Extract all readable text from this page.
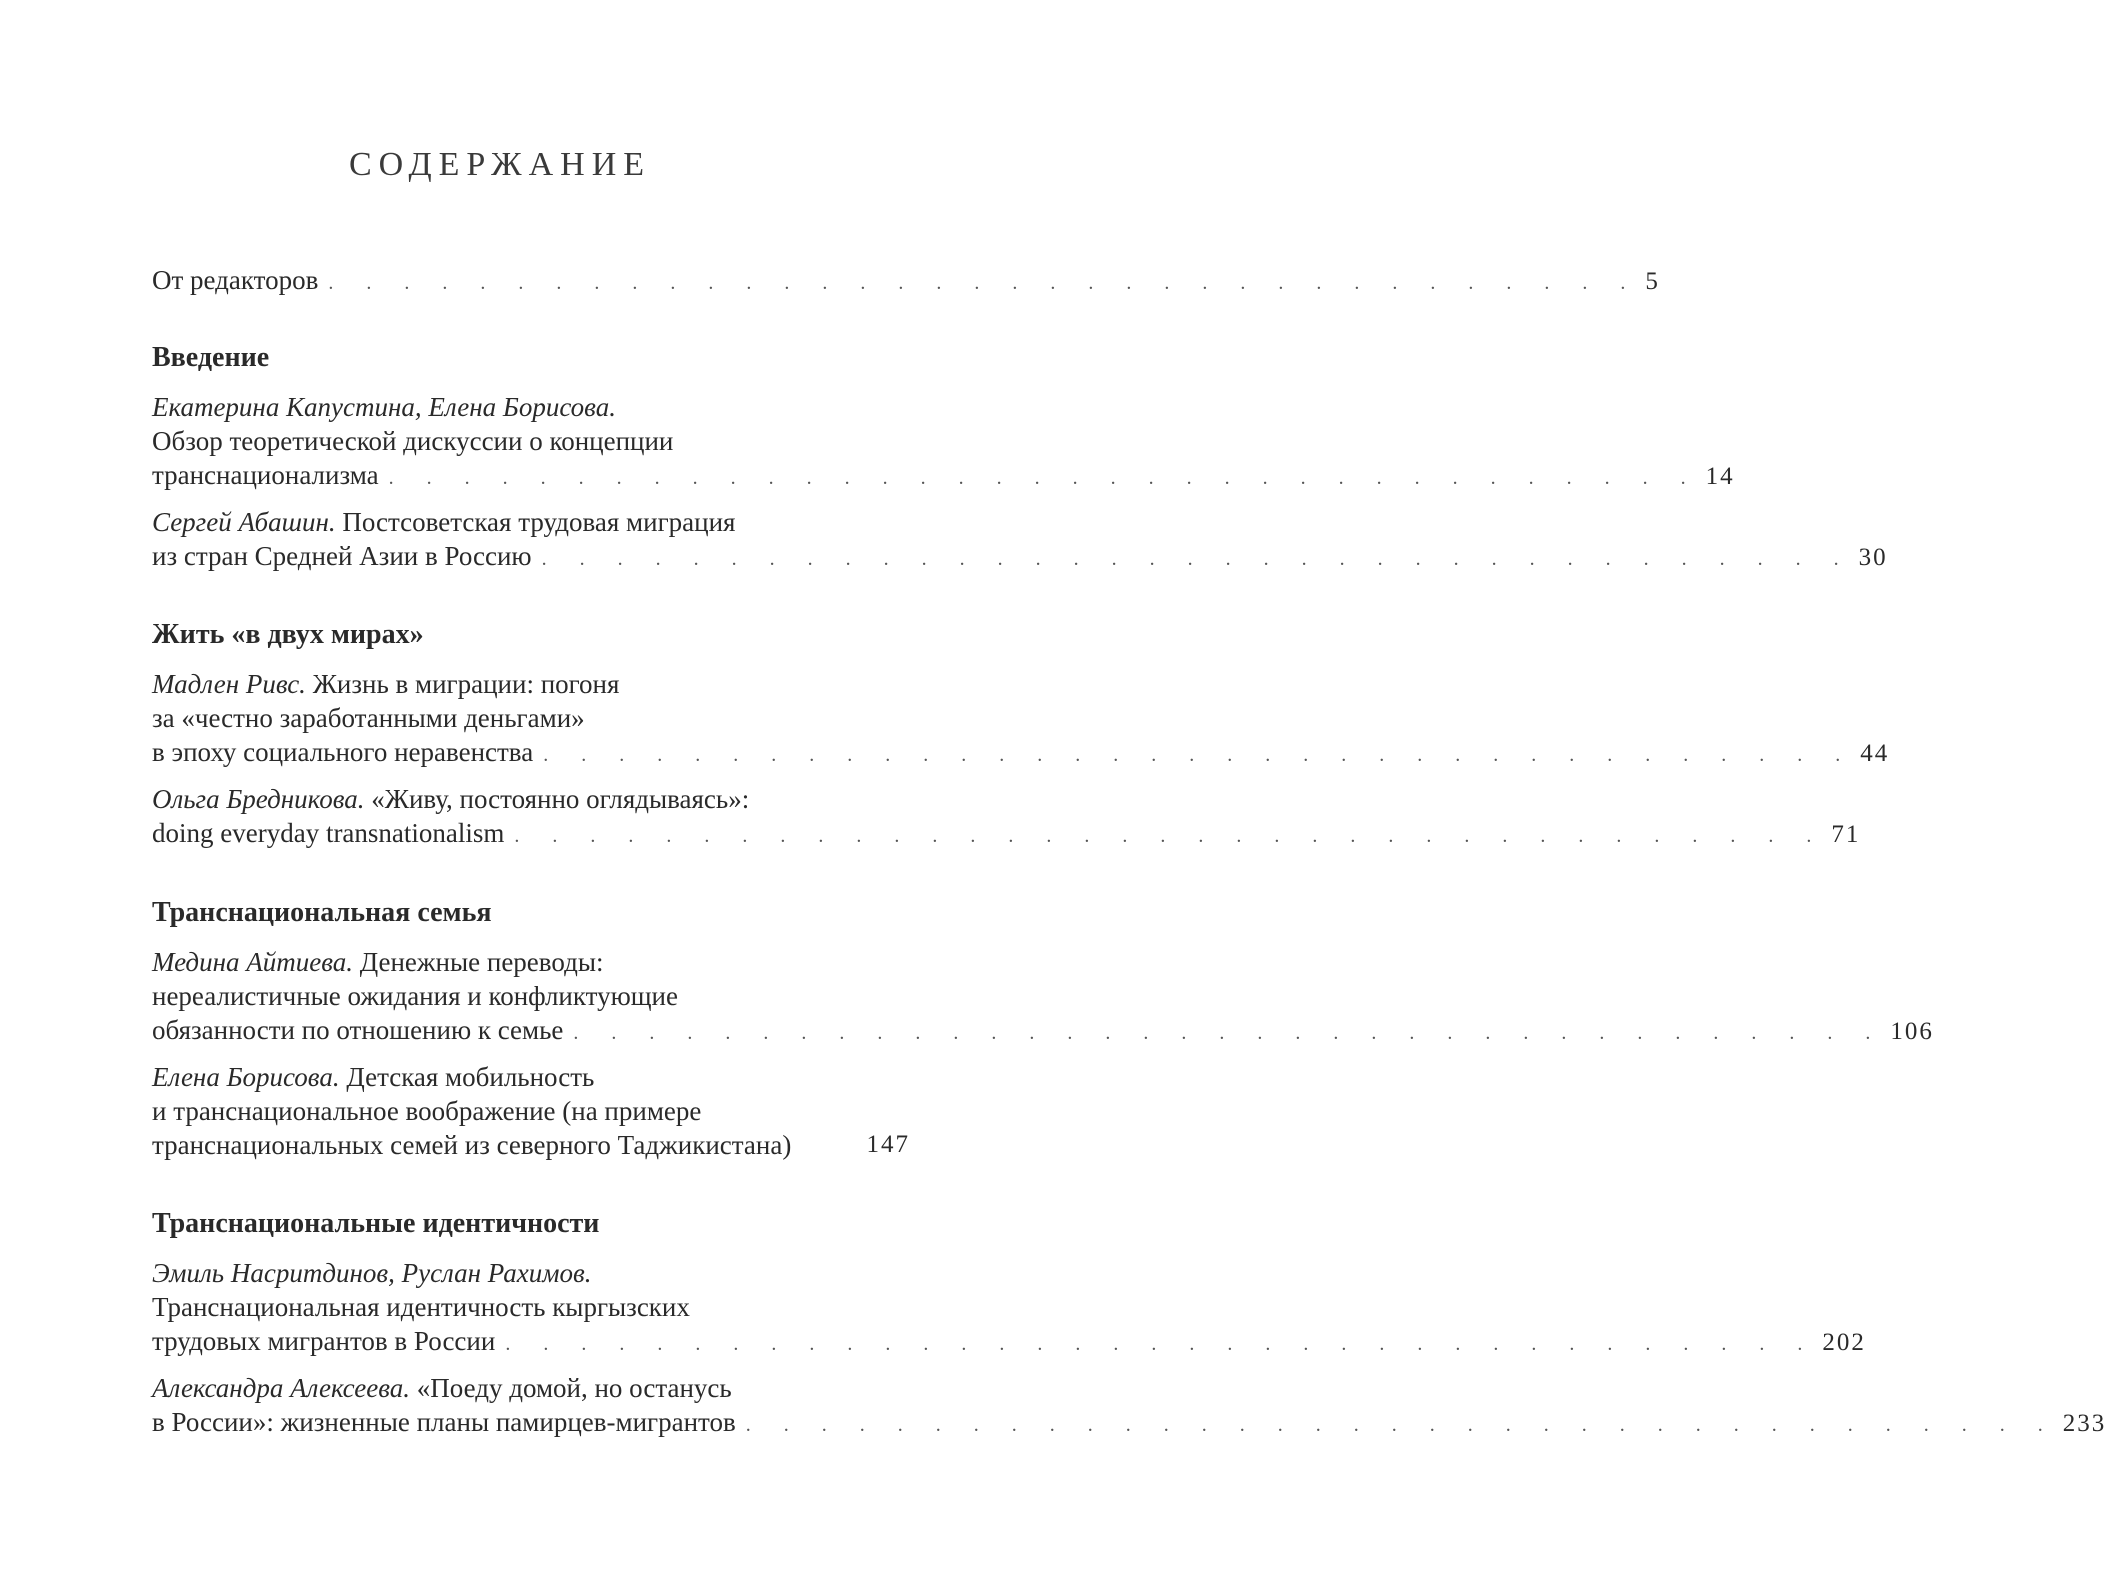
СОДЕРЖАНИЕ
От редакторов . . . . . . . . . . . . . . . . . . . . . . . . . . . . . . . . . . . 5
Введение
Екатерина Капустина, Елена Борисова.
Обзор теоретической дискуссии о концепции
транснационализма . . . . . . . . . . . . . . . . . . . . . . . . . . . . . . . . . . . 14
Сергей Абашин. Постсоветская трудовая миграция
из стран Средней Азии в Россию . . . . . . . . . . . . . . . . . . . . . . . . . . . . . . . . . . . 30
Жить «в двух мирах»
Мадлен Ривс. Жизнь в миграции: погоня
за «честно заработанными деньгами»
в эпоху социального неравенства . . . . . . . . . . . . . . . . . . . . . . . . . . . . . . . . . . . 44
Ольга Бредникова. «Живу, постоянно оглядываясь»:
doing everyday transnationalism . . . . . . . . . . . . . . . . . . . . . . . . . . . . . . . . . . . 71
Транснациональная семья
Медина Айтиева. Денежные переводы:
нереалистичные ожидания и конфликтующие
обязанности по отношению к семье . . . . . . . . . . . . . . . . . . . . . . . . . . . . . . . . . . . 106
Елена Борисова. Детская мобильность
и транснациональное воображение (на примере
транснациональных семей из северного Таджикистана)	147
Транснациональные идентичности
Эмиль Насритдинов, Руслан Рахимов.
Транснациональная идентичность кыргызских
трудовых мигрантов в России . . . . . . . . . . . . . . . . . . . . . . . . . . . . . . . . . . . 202
Александра Алексеева. «Поеду домой, но останусь
в России»: жизненные планы памирцев-мигрантов . . . . . . . . . . . . . . . . . . . . . . . . . . . . . . . . . . . 233
